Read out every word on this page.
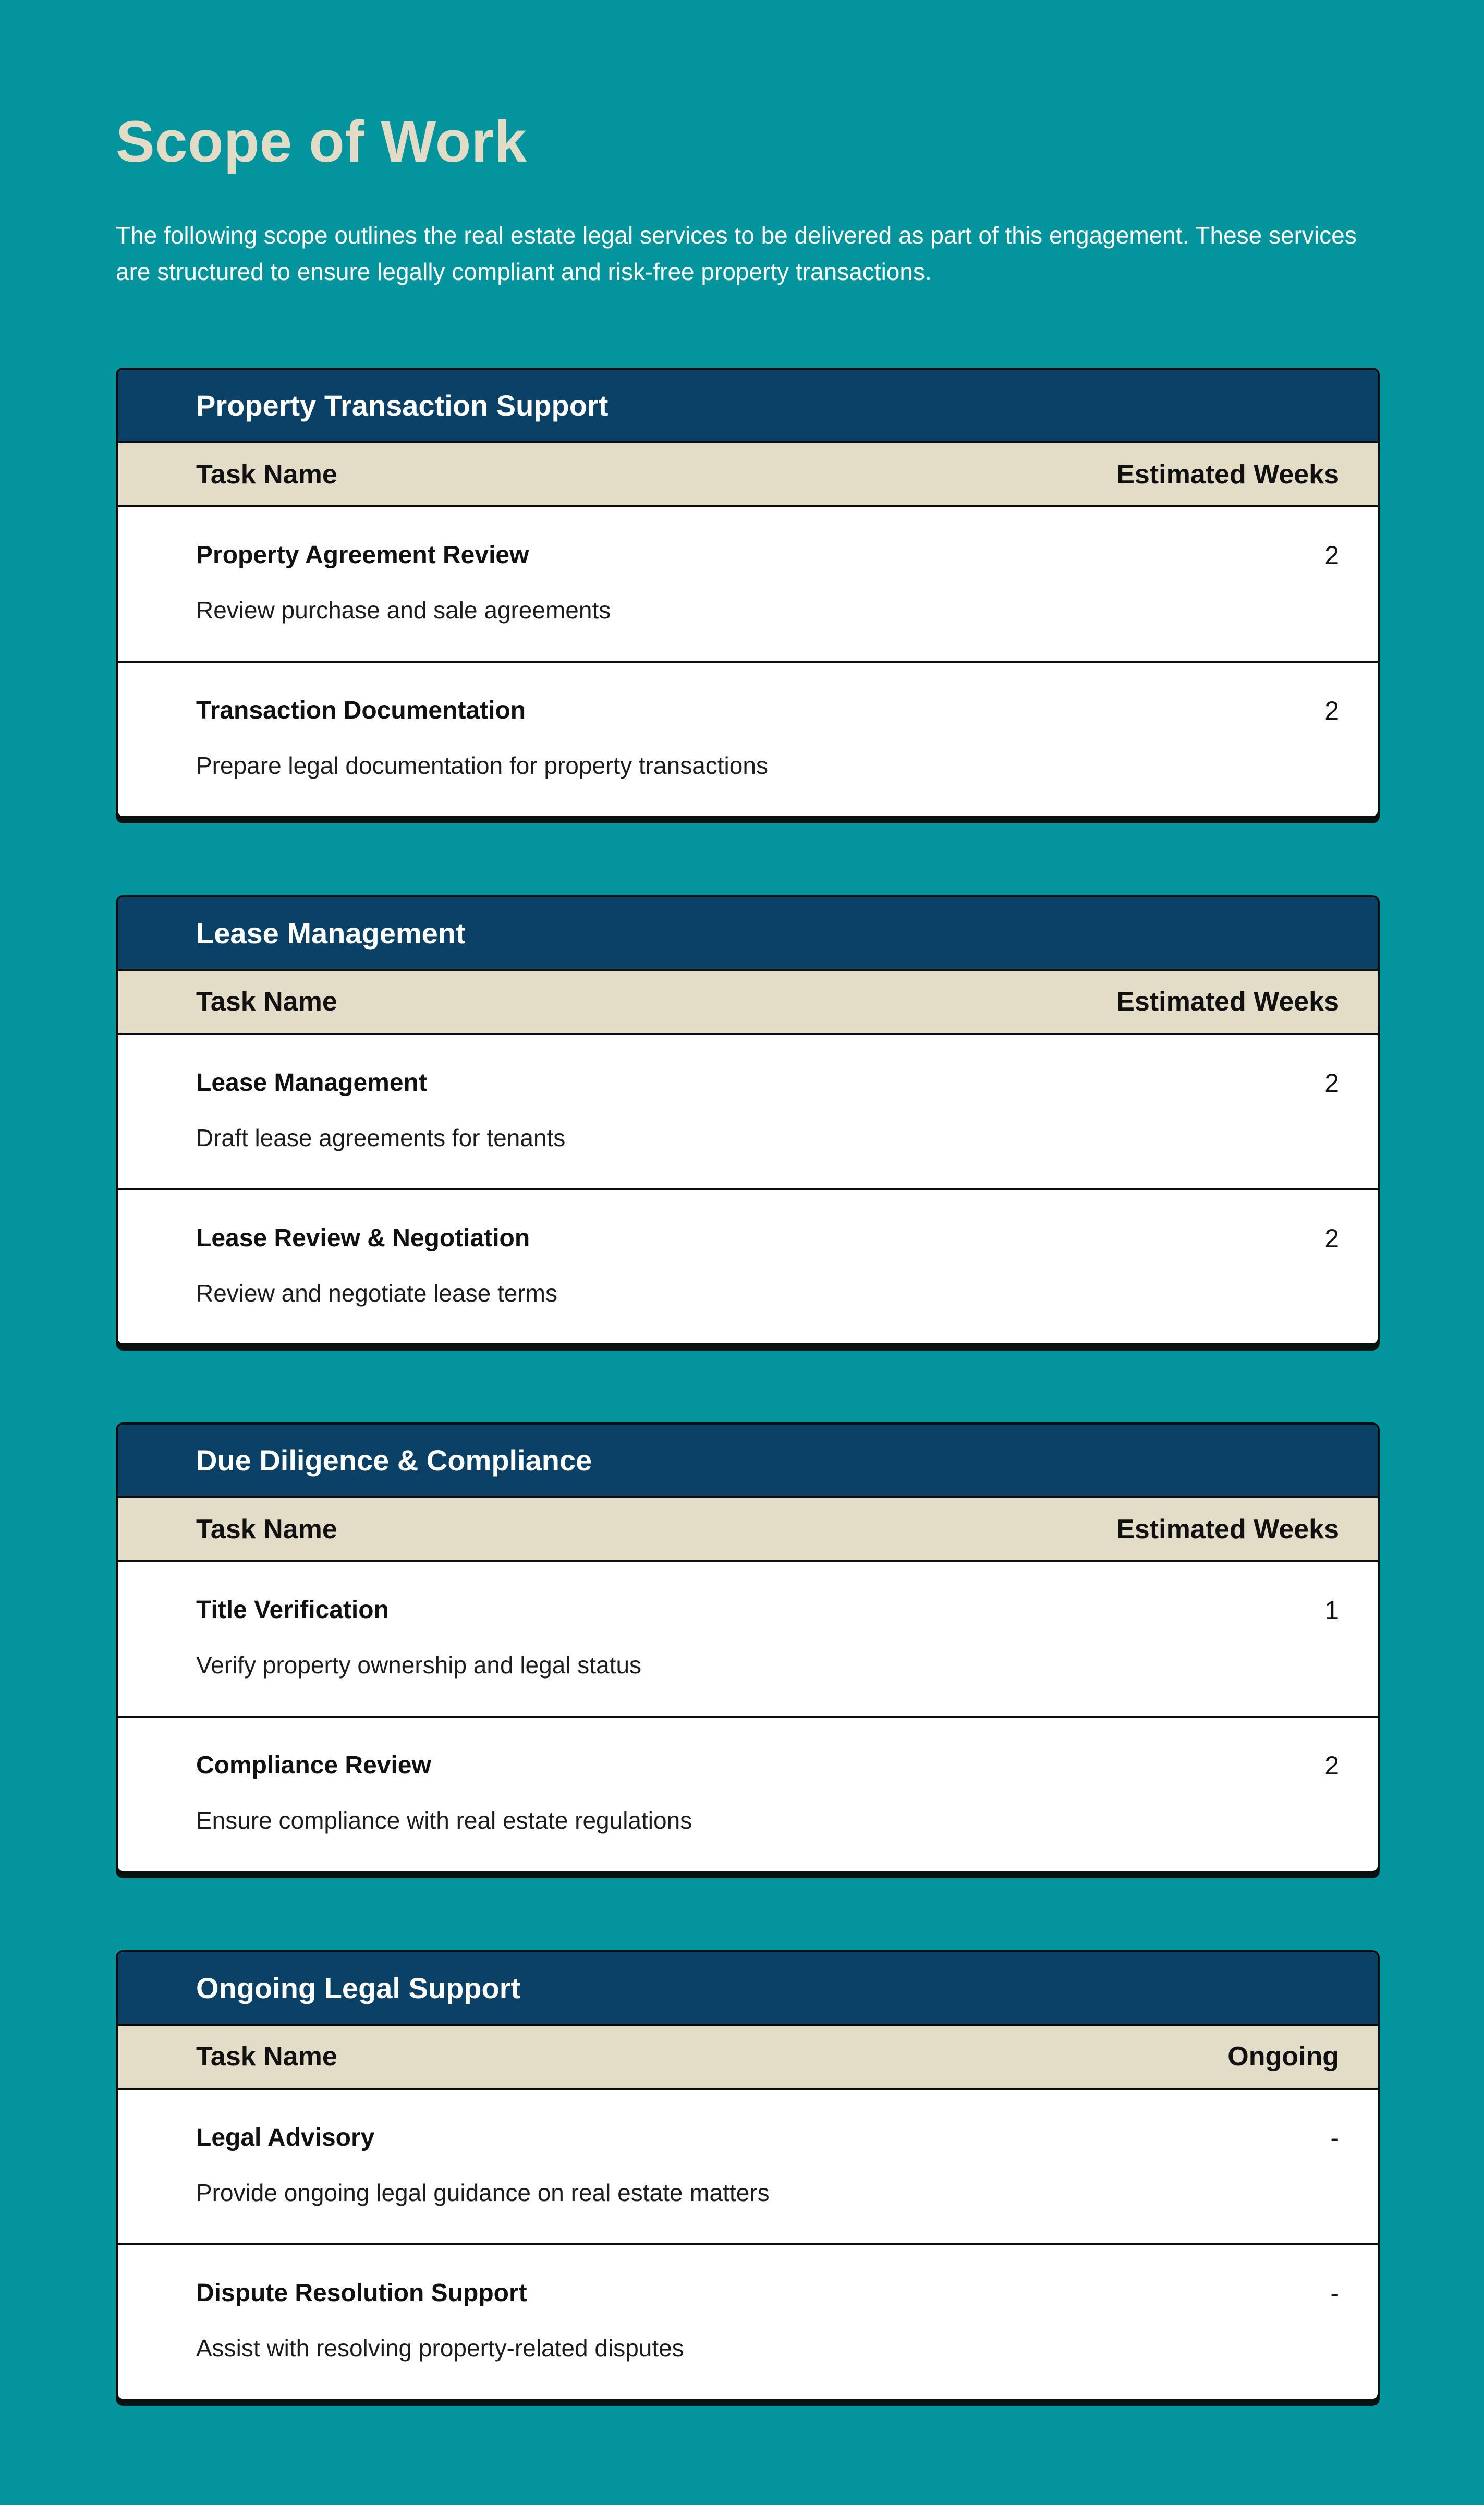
Scope of Work

The following scope outlines the real estate legal services to be delivered as part of this engagement. These services are structured to ensure legally compliant and risk-free property transactions.

Property Transaction Support
Task Name	Estimated Weeks
Property Agreement Review	2
Review purchase and sale agreements
Transaction Documentation	2
Prepare legal documentation for property transactions
Lease Management
Task Name	Estimated Weeks
Lease Management	2
Draft lease agreements for tenants
Lease Review & Negotiation	2
Review and negotiate lease terms
Due Diligence & Compliance
Task Name	Estimated Weeks
Title Verification	1
Verify property ownership and legal status
Compliance Review	2
Ensure compliance with real estate regulations
Ongoing Legal Support
Task Name	Ongoing
Legal Advisory	-
Provide ongoing legal guidance on real estate matters
Dispute Resolution Support	-
Assist with resolving property-related disputes
